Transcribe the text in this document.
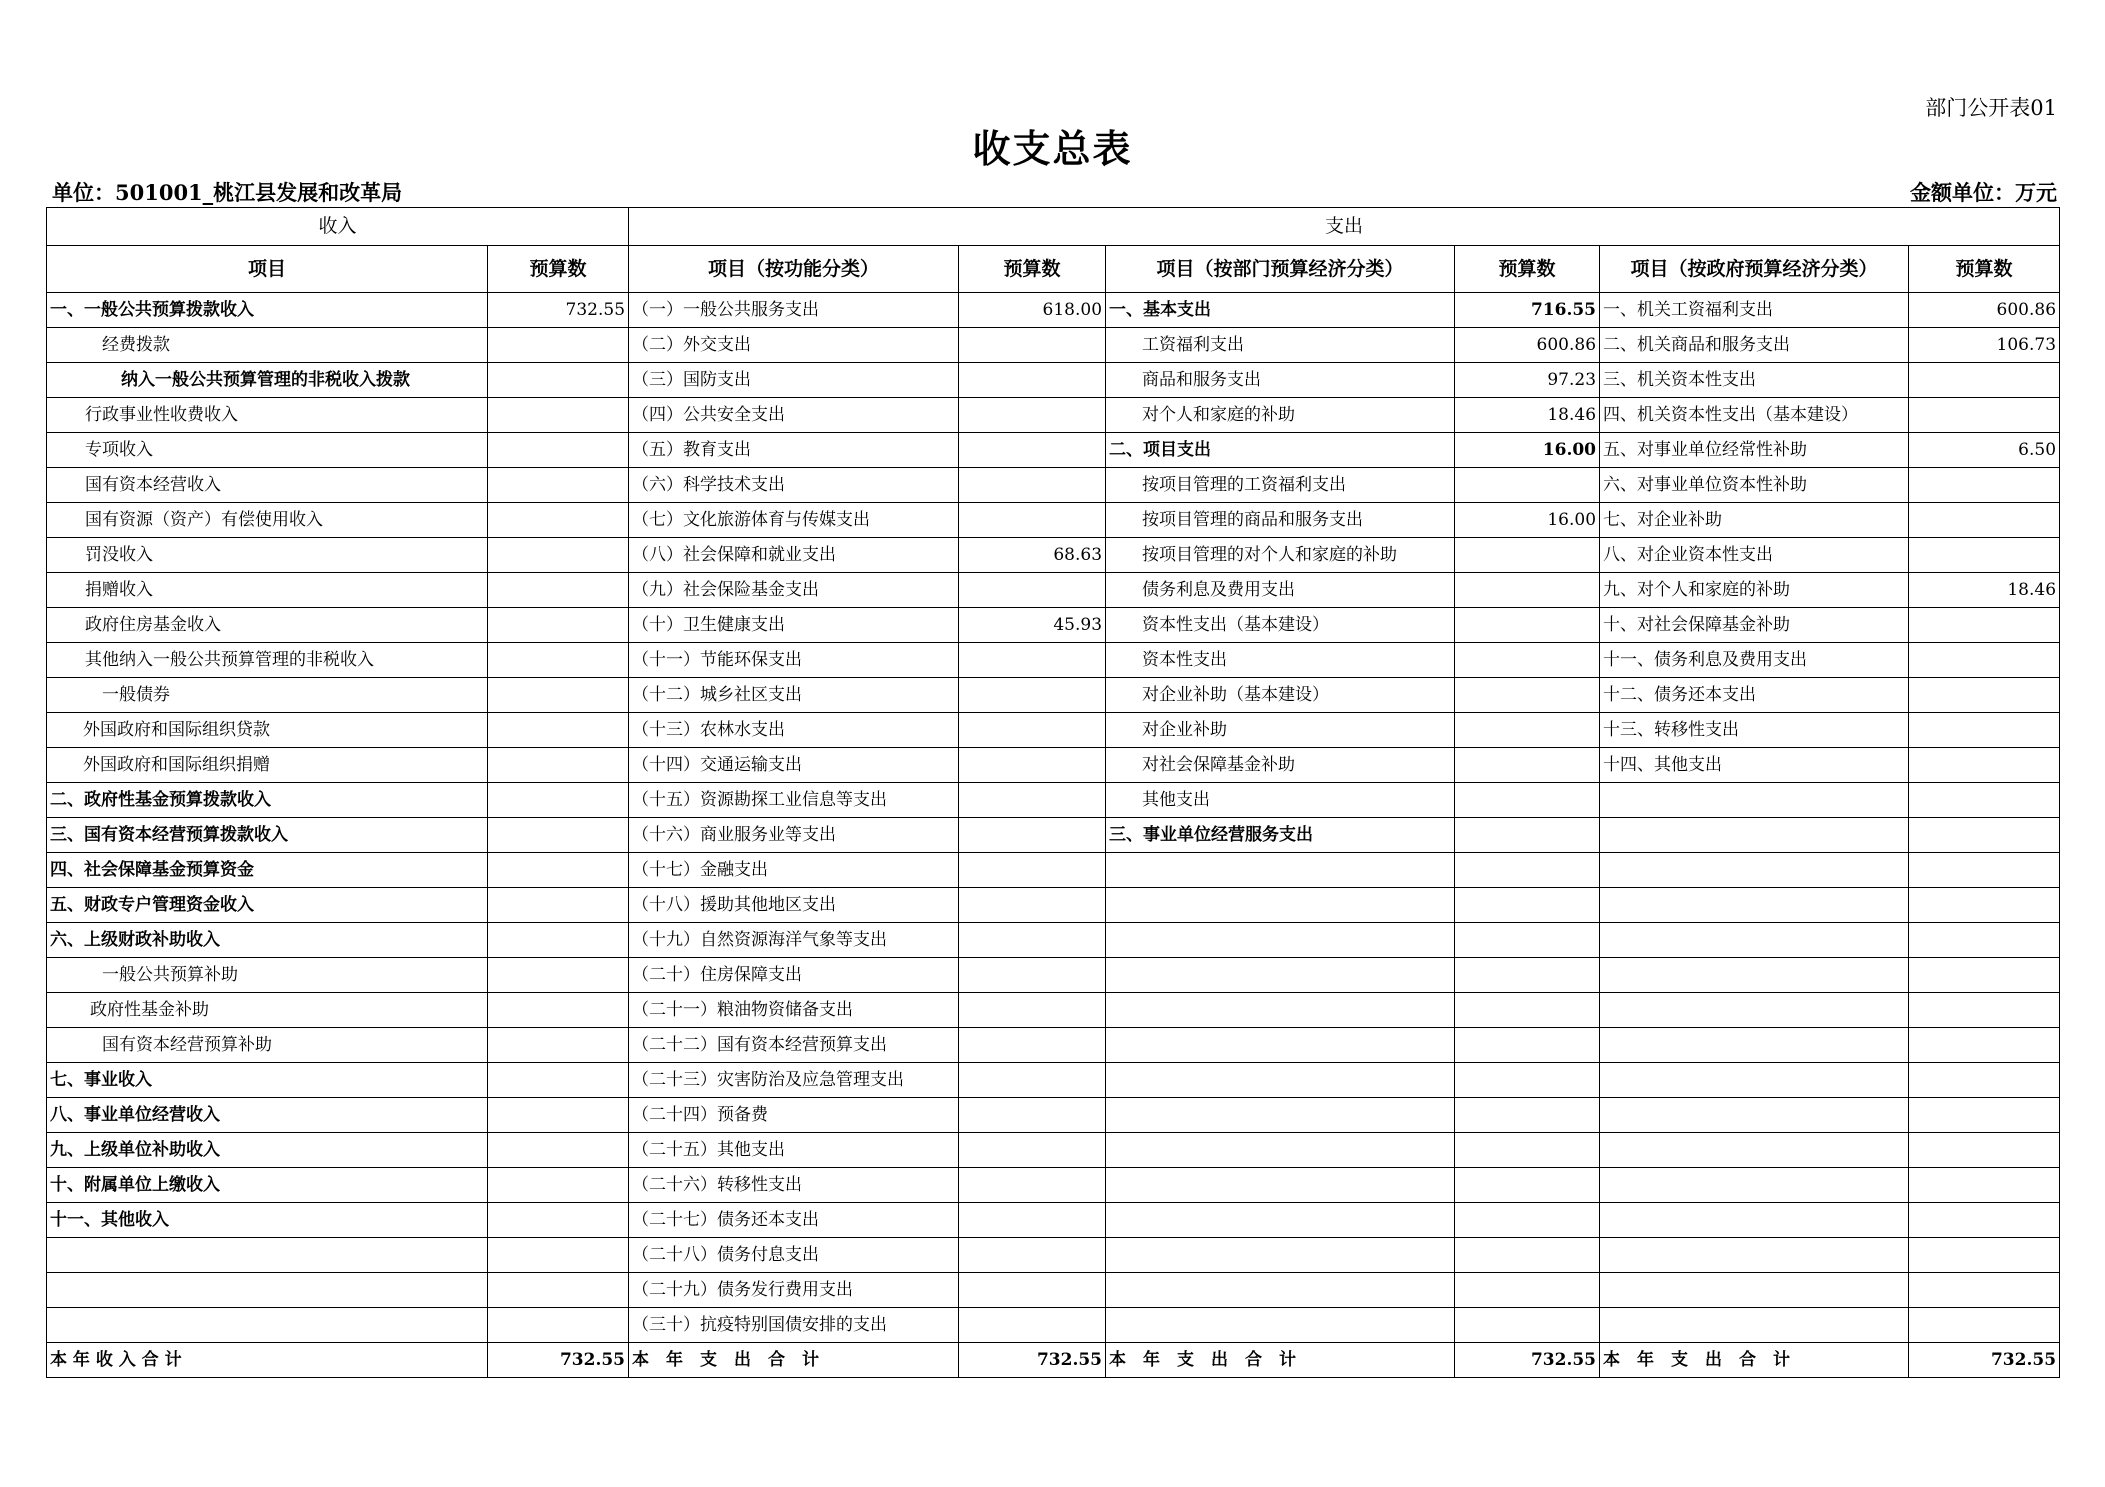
部门公开表01
收支总表
单位：501001_桃江县发展和改革局	金额单位：万元
收入		支出					
项目	预算数	项目（按功能分类）	预算数	项目（按部门预算经济分类）	预算数	项目（按政府预算经济分类）	预算数
一、一般公共预算拨款收入	732.55	（一）一般公共服务支出	618.00	一、基本支出	716.55	一、机关工资福利支出	600.86
经费拨款		（二）外交支出		工资福利支出	600.86	二、机关商品和服务支出	106.73
纳入一般公共预算管理的非税收入拨款		（三）国防支出		商品和服务支出	97.23	三、机关资本性支出	
行政事业性收费收入		（四）公共安全支出		对个人和家庭的补助	18.46	四、机关资本性支出（基本建设）	
专项收入		（五）教育支出		二、项目支出	16.00	五、对事业单位经常性补助	6.50
国有资本经营收入		（六）科学技术支出		按项目管理的工资福利支出		六、对事业单位资本性补助	
国有资源（资产）有偿使用收入		（七）文化旅游体育与传媒支出		按项目管理的商品和服务支出	16.00	七、对企业补助	
罚没收入		（八）社会保障和就业支出	68.63	按项目管理的对个人和家庭的补助		八、对企业资本性支出	
捐赠收入		（九）社会保险基金支出		债务利息及费用支出		九、对个人和家庭的补助	18.46
政府住房基金收入		（十）卫生健康支出	45.93	资本性支出（基本建设）		十、对社会保障基金补助	
其他纳入一般公共预算管理的非税收入		（十一）节能环保支出		资本性支出		十一、债务利息及费用支出	
一般债券		（十二）城乡社区支出		对企业补助（基本建设）		十二、债务还本支出	
外国政府和国际组织贷款		（十三）农林水支出		对企业补助		十三、转移性支出	
外国政府和国际组织捐赠		（十四）交通运输支出		对社会保障基金补助		十四、其他支出	
二、政府性基金预算拨款收入		（十五）资源勘探工业信息等支出		其他支出			
三、国有资本经营预算拨款收入		（十六）商业服务业等支出		三、事业单位经营服务支出			
四、社会保障基金预算资金		（十七）金融支出					
五、财政专户管理资金收入		（十八）援助其他地区支出					
六、上级财政补助收入		（十九）自然资源海洋气象等支出					
一般公共预算补助		（二十）住房保障支出					
政府性基金补助		（二十一）粮油物资储备支出					
国有资本经营预算补助		（二十二）国有资本经营预算支出					
七、事业收入		（二十三）灾害防治及应急管理支出					
八、事业单位经营收入		（二十四）预备费					
九、上级单位补助收入		（二十五）其他支出					
十、附属单位上缴收入		（二十六）转移性支出					
十一、其他收入		（二十七）债务还本支出					
		（二十八）债务付息支出					
		（二十九）债务发行费用支出					
		（三十）抗疫特别国债安排的支出					
本 年 收 入 合 计	732.55	本　年　支　出　合　计	732.55	本　年　支　出　合　计	732.55	本　年　支　出　合　计	732.55
